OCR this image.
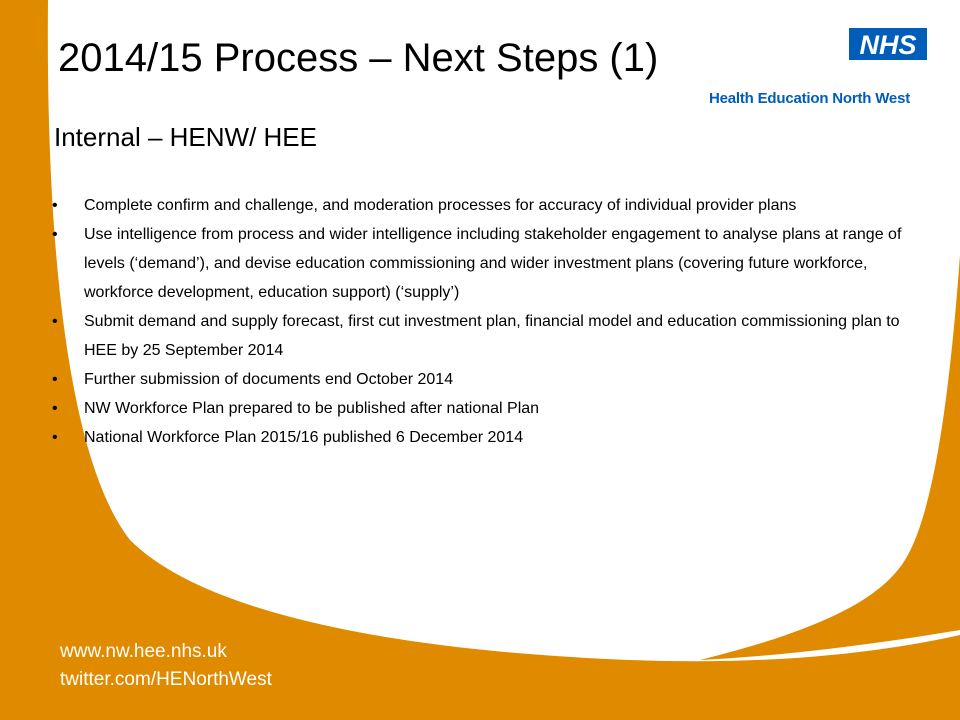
2014/15 Process – Next Steps (1)	NHS
Health Education North West
Internal – HENW/ HEE
• Complete confirm and challenge, and moderation processes for accuracy of individual provider plans
• Use intelligence from process and wider intelligence including stakeholder engagement to analyse plans at range of levels (‘demand’), and devise education commissioning and wider investment plans (covering future workforce, workforce development, education support) (‘supply’)
• Submit demand and supply forecast, first cut investment plan, financial model and education commissioning plan to HEE by 25 September 2014
• Further submission of documents end October 2014
• NW Workforce Plan prepared to be published after national Plan
• National Workforce Plan 2015/16 published 6 December 2014
www.nw.hee.nhs.uk
twitter.com/HENorthWest
